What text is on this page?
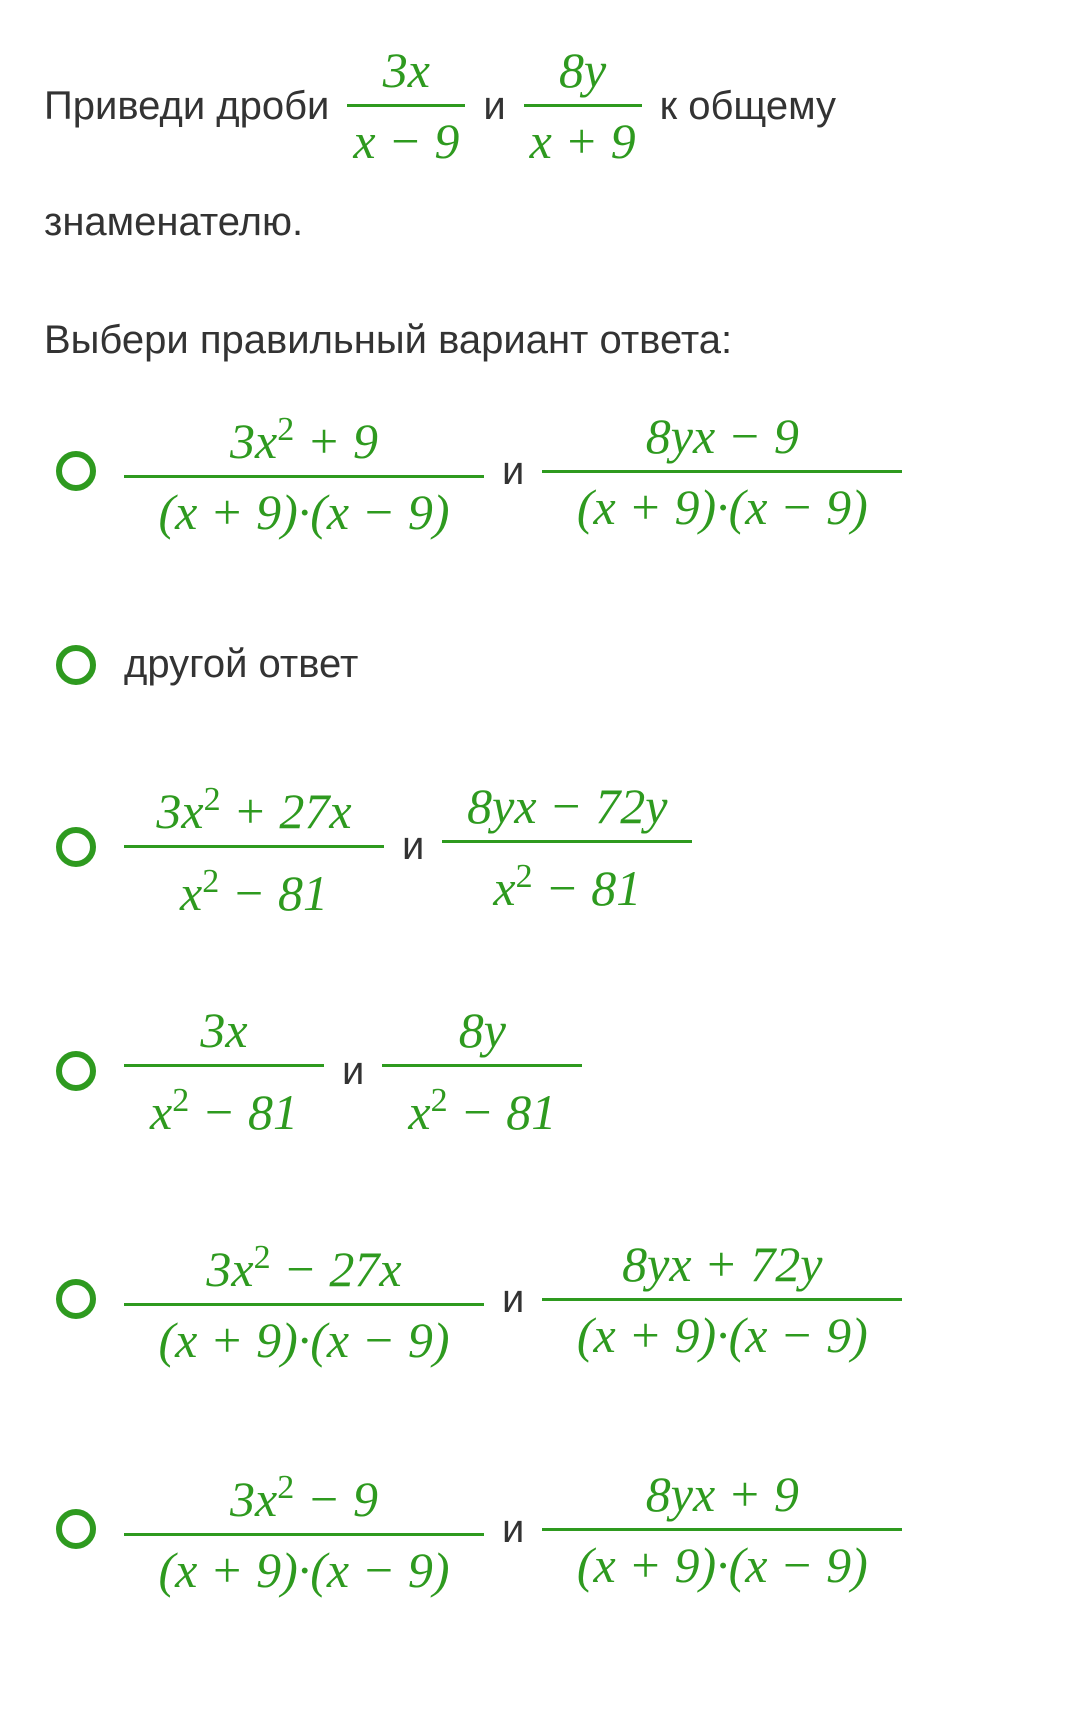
Приведи дроби $\frac{3x}{x - 9}$ и $\frac{8y}{x + 9}$ к общему
знаменателю.
Выбери правильный вариант ответа:
$\frac{3x^2 + 9}{(x + 9)\cdot(x - 9)}$ и $\frac{8yx - 9}{(x + 9)\cdot(x - 9)}$
другой ответ
$\frac{3x^2 + 27x}{x^2 - 81}$ и $\frac{8yx - 72y}{x^2 - 81}$
$\frac{3x}{x^2 - 81}$ и $\frac{8y}{x^2 - 81}$
$\frac{3x^2 - 27x}{(x + 9)\cdot(x - 9)}$ и $\frac{8yx + 72y}{(x + 9)\cdot(x - 9)}$
$\frac{3x^2 - 9}{(x + 9)\cdot(x - 9)}$ и $\frac{8yx + 9}{(x + 9)\cdot(x - 9)}$
